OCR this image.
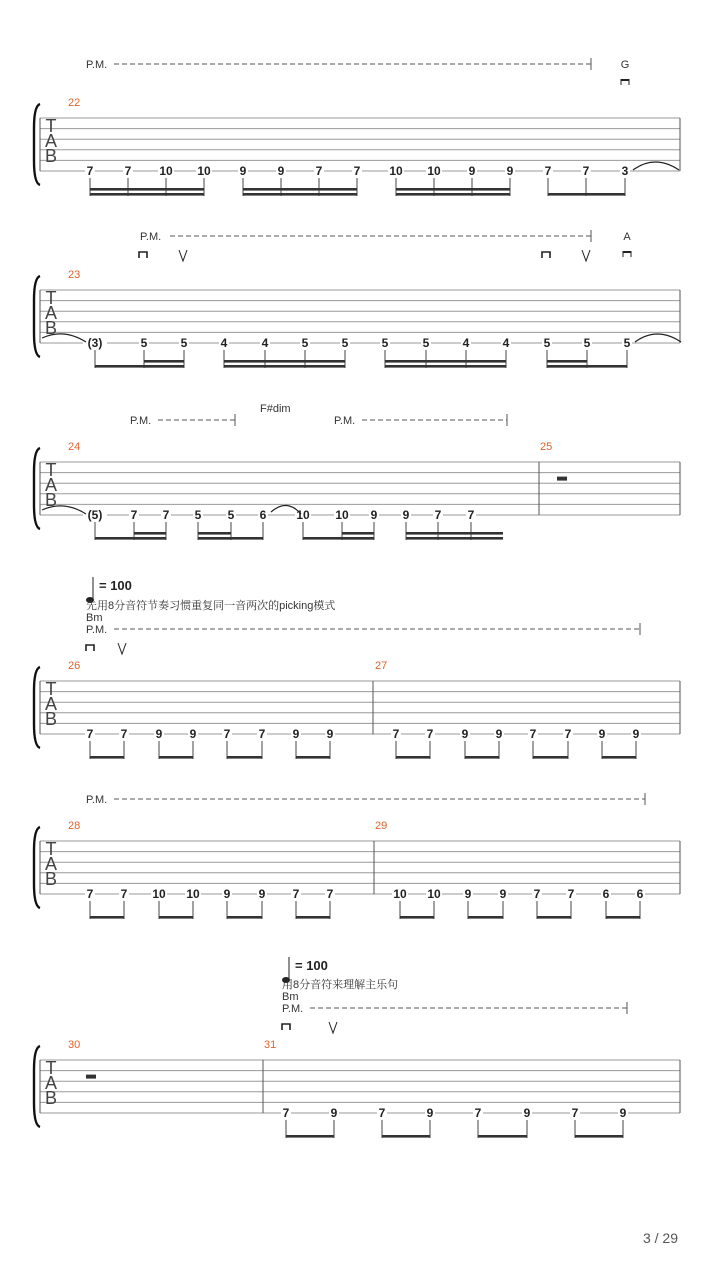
T
A
B
22
7	7 10 10 9	9	7	7 10 10 9	9	7	7	3
P.M.	G
T
A
B
23
(3)	5	5	4	4	5	5	5	5	4	4	5	5	5
P.M.	A
T
A
B
24
(5) 7 7 5 5 6 10 10 9 9 7 7
25
F#dim
P.M.	P.M.
T
A
B
26
7 7 9 9 7 7 9 9
27
7 7 9 9 7 7 9 9
= 100
先用8分音符节奏习惯重复同一音两次的picking模式
Bm
P.M.
T
A
B
28
7 7 10 10 9 9 7 7
29
10 10 9 9 7 7 6 6
P.M.
T
A
B
30	31
7	9	7	9	7	9	7	9
= 100
用8分音符来理解主乐句
Bm
P.M.
3 / 29
